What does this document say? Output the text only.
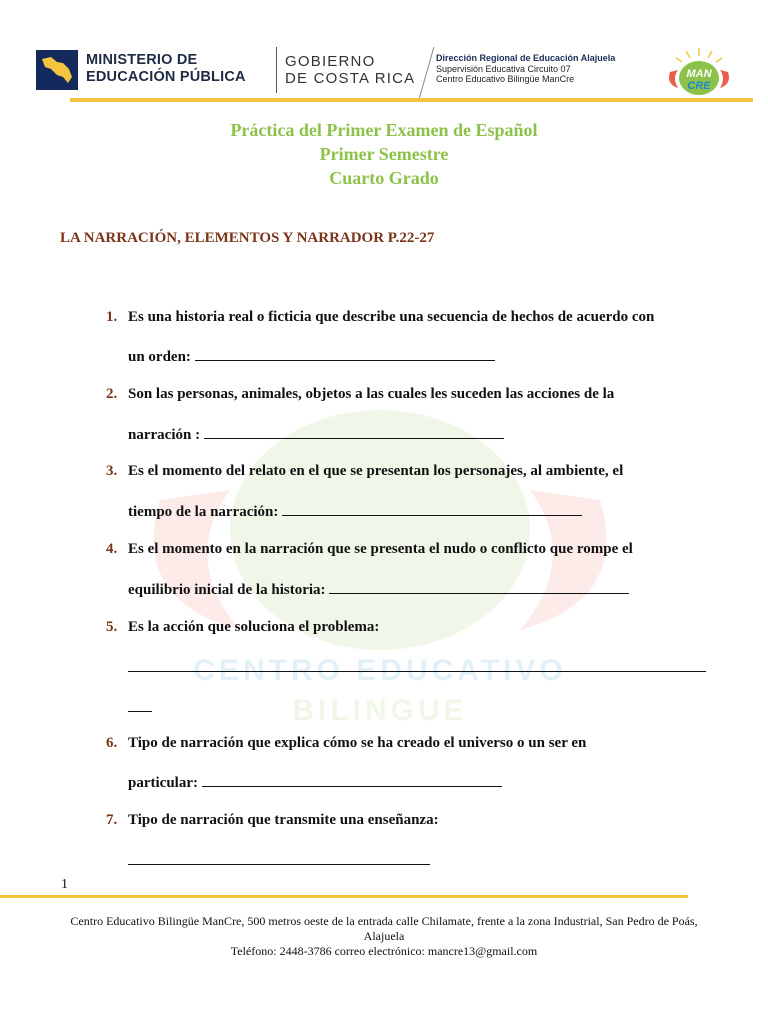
MINISTERIO DE
EDUCACIÓN PÚBLICA
GOBIERNO
DE COSTA RICA
Dirección Regional de Educación Alajuela
Supervisión Educativa Circuito 07
Centro Educativo Bilingüe ManCre	MAN
CRE
CENTRO EDUCATIVO
BILINGUE
Práctica del Primer Examen de Español
Primer Semestre
Cuarto Grado
LA NARRACIÓN, ELEMENTOS Y NARRADOR P.22-27
1. Es una historia real o ficticia que describe una secuencia de hechos de acuerdo con
un orden:
2. Son las personas, animales, objetos a las cuales les suceden las acciones de la
narración :
3. Es el momento del relato en el que se presentan los personajes, al ambiente, el
tiempo de la narración:
4. Es el momento en la narración que se presenta el nudo o conflicto que rompe el
equilibrio inicial de la historia:
5. Es la acción que soluciona el problema:
6. Tipo de narración que explica cómo se ha creado el universo o un ser en
particular:
7. Tipo de narración que transmite una enseñanza:
1
Centro Educativo Bilingüe ManCre, 500 metros oeste de la entrada calle Chilamate, frente a la zona Industrial, San Pedro de Poás, Alajuela
Teléfono: 2448-3786 correo electrónico: mancre13@gmail.com
